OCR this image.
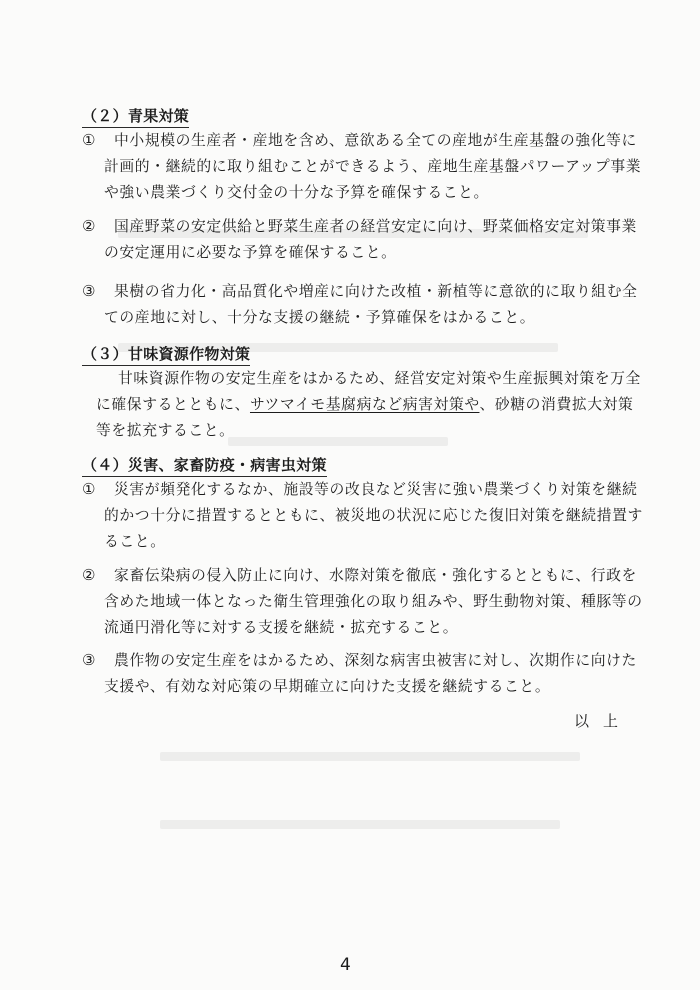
（２）青果対策
①	中小規模の生産者・産地を含め、意欲ある全ての産地が生産基盤の強化等に
計画的・継続的に取り組むことができるよう、産地生産基盤パワーアップ事業
や強い農業づくり交付金の十分な予算を確保すること。
②	国産野菜の安定供給と野菜生産者の経営安定に向け、野菜価格安定対策事業
の安定運用に必要な予算を確保すること。
③	果樹の省力化・高品質化や増産に向けた改植・新植等に意欲的に取り組む全
ての産地に対し、十分な支援の継続・予算確保をはかること。
（３）甘味資源作物対策
甘味資源作物の安定生産をはかるため、経営安定対策や生産振興対策を万全
に確保するとともに、サツマイモ基腐病など病害対策や、砂糖の消費拡大対策
等を拡充すること。
（４）災害、家畜防疫・病害虫対策
①	災害が頻発化するなか、施設等の改良など災害に強い農業づくり対策を継続
的かつ十分に措置するとともに、被災地の状況に応じた復旧対策を継続措置す
ること。
②	家畜伝染病の侵入防止に向け、水際対策を徹底・強化するとともに、行政を
含めた地域一体となった衛生管理強化の取り組みや、野生動物対策、種豚等の
流通円滑化等に対する支援を継続・拡充すること。
③	農作物の安定生産をはかるため、深刻な病害虫被害に対し、次期作に向けた
支援や、有効な対応策の早期確立に向けた支援を継続すること。
以上
4
